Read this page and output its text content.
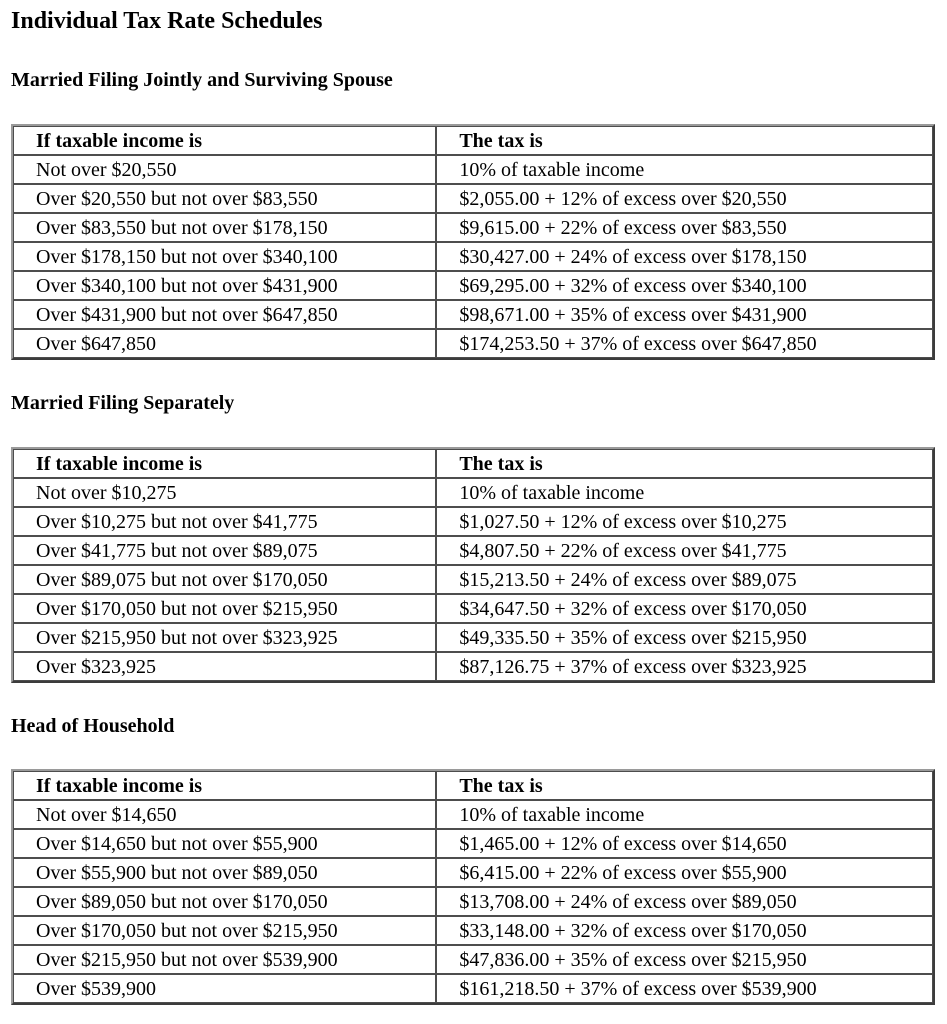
Individual Tax Rate Schedules
Married Filing Jointly and Surviving Spouse
If taxable income is	The tax is
Not over $20,550	10% of taxable income
Over $20,550 but not over $83,550	$2,055.00 + 12% of excess over $20,550
Over $83,550 but not over $178,150	$9,615.00 + 22% of excess over $83,550
Over $178,150 but not over $340,100	$30,427.00 + 24% of excess over $178,150
Over $340,100 but not over $431,900	$69,295.00 + 32% of excess over $340,100
Over $431,900 but not over $647,850	$98,671.00 + 35% of excess over $431,900
Over $647,850	$174,253.50 + 37% of excess over $647,850
Married Filing Separately
If taxable income is	The tax is
Not over $10,275	10% of taxable income
Over $10,275 but not over $41,775	$1,027.50 + 12% of excess over $10,275
Over $41,775 but not over $89,075	$4,807.50 + 22% of excess over $41,775
Over $89,075 but not over $170,050	$15,213.50 + 24% of excess over $89,075
Over $170,050 but not over $215,950	$34,647.50 + 32% of excess over $170,050
Over $215,950 but not over $323,925	$49,335.50 + 35% of excess over $215,950
Over $323,925	$87,126.75 + 37% of excess over $323,925
Head of Household
If taxable income is	The tax is
Not over $14,650	10% of taxable income
Over $14,650 but not over $55,900	$1,465.00 + 12% of excess over $14,650
Over $55,900 but not over $89,050	$6,415.00 + 22% of excess over $55,900
Over $89,050 but not over $170,050	$13,708.00 + 24% of excess over $89,050
Over $170,050 but not over $215,950	$33,148.00 + 32% of excess over $170,050
Over $215,950 but not over $539,900	$47,836.00 + 35% of excess over $215,950
Over $539,900	$161,218.50 + 37% of excess over $539,900
